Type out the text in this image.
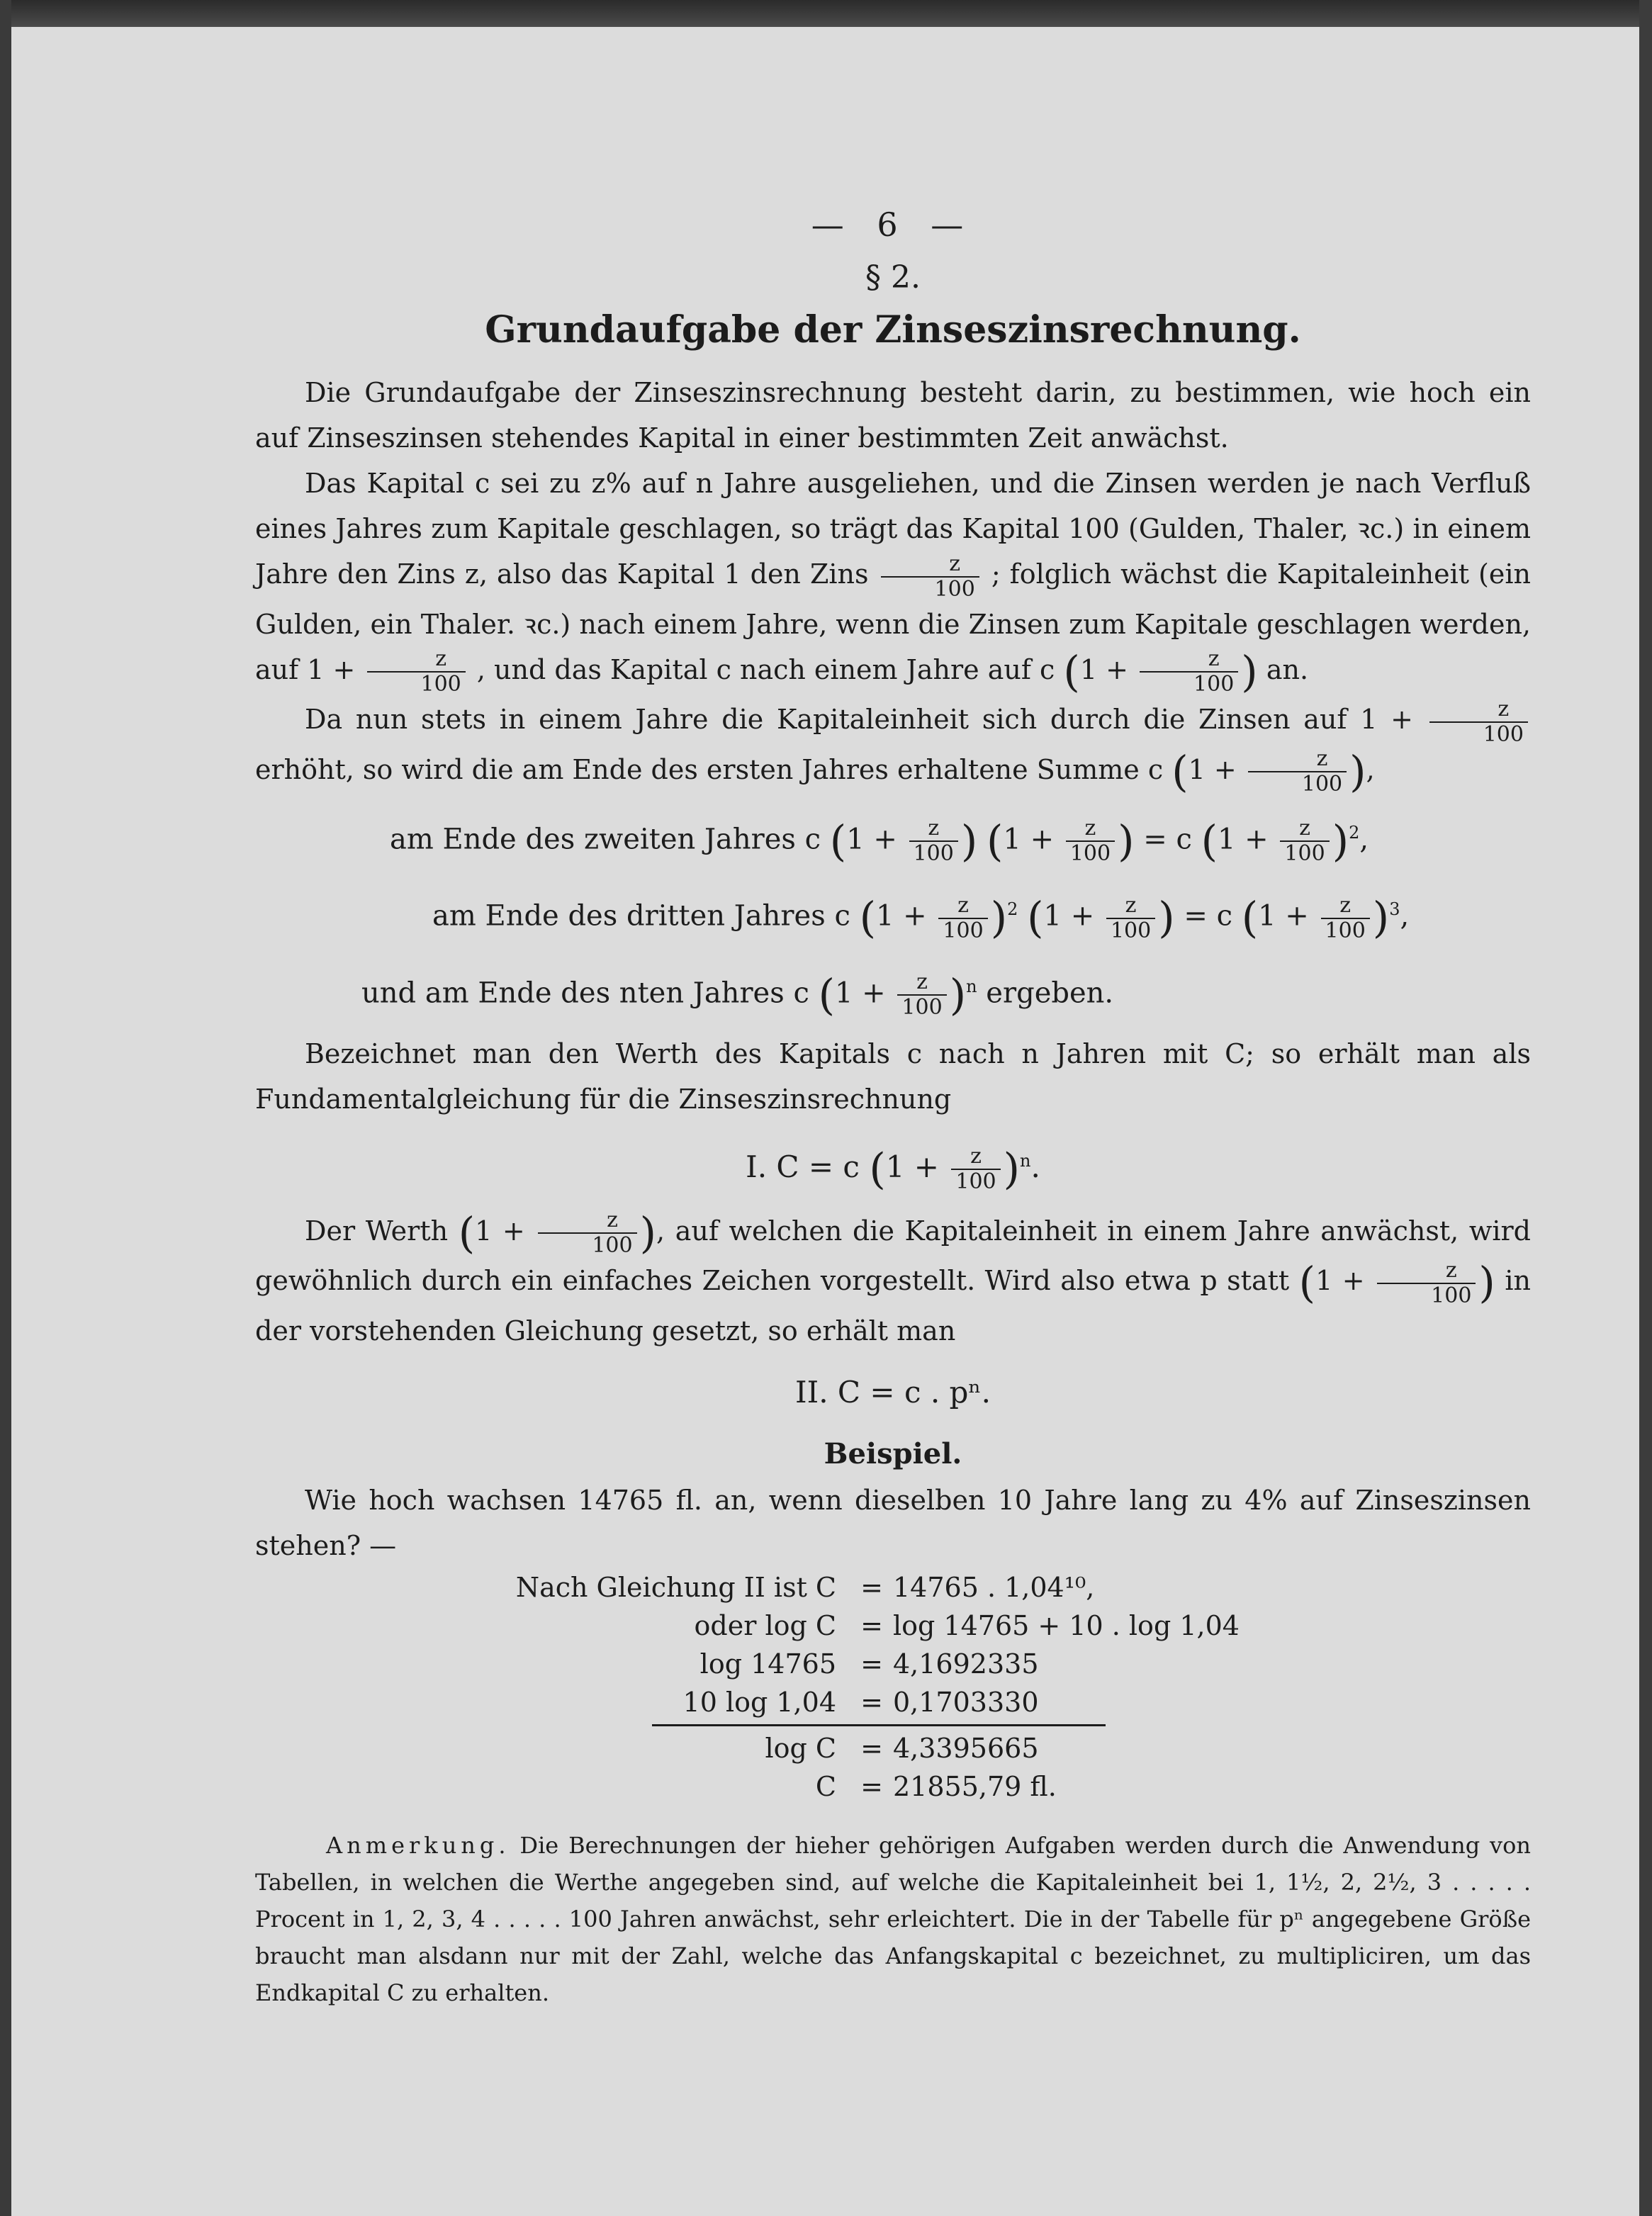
— 6 —
§ 2.
Grundaufgabe der Zinseszinsrechnung.

Die Grundaufgabe der Zinseszinsrechnung besteht darin, zu bestimmen, wie hoch ein auf Zinseszinsen stehendes Kapital in einer bestimmten Zeit anwächst.

Das Kapital c sei zu z% auf n Jahre ausgeliehen, und die Zinsen werden je nach Verfluß eines Jahres zum Kapitale geschlagen, so trägt das Kapital 100 (Gulden, Thaler, ꝛc.) in einem Jahre den Zins z, also das Kapital 1 den Zins $\frac{z}{100}$ ; folglich wächst die Kapitaleinheit (ein Gulden, ein Thaler. ꝛc.) nach einem Jahre, wenn die Zinsen zum Kapitale geschlagen werden, auf $1 + \frac{z}{100}$ , und das Kapital c nach einem Jahre auf c ($1 + \frac{z}{100}$ ) an.

Da nun stets in einem Jahre die Kapitaleinheit sich durch die Zinsen auf $1 + \frac{z}{100}$
erhöht, so wird die am Ende des ersten Jahres erhaltene Summe c ($1 + \frac{z}{100}$ ),

am Ende des zweiten Jahres c ($1 + \frac{z}{100}$ ) ($1 + \frac{z}{100}$ ) = c $(1 + \frac{z}{100} )^2$,
am Ende des dritten Jahres c $(1 + \frac{z}{100} )^2$ ($1 + \frac{z}{100}$ ) = c $(1 + \frac{z}{100} )^3$,
und am Ende des nten Jahres c $(1 + \frac{z}{100} )^n$ ergeben.

Bezeichnet man den Werth des Kapitals c nach n Jahren mit C; so erhält man als Fundamentalgleichung für die Zinseszinsrechnung

I. C = c $(1 + \frac{z}{100} )^n$.

Der Werth ($1 + \frac{z}{100}$ ), auf welchen die Kapitaleinheit in einem Jahre anwächst, wird gewöhnlich durch ein einfaches Zeichen vorgestellt. Wird also etwa p statt ($1 + \frac{z}{100}$ ) in der vorstehenden Gleichung gesetzt, so erhält man

II. C = c . pⁿ.
Beispiel.

Wie hoch wachsen 14765 fl. an, wenn dieselben 10 Jahre lang zu 4% auf Zinseszinsen stehen? —

Nach Gleichung II ist C = 14765 . 1,04¹⁰,
oder log C = log 14765 + 10 . log 1,04
log 14765 = 4,1692335
10 log 1,04 = 0,1703330
log C = 4,3395665
C = 21855,79 fl.

Anmerkung. Die Berechnungen der hieher gehörigen Aufgaben werden durch die Anwendung von Tabellen, in welchen die Werthe angegeben sind, auf welche die Kapitaleinheit bei 1, 1½, 2, 2½, 3 . . . . . Procent in 1, 2, 3, 4 . . . . . 100 Jahren anwächst, sehr erleichtert. Die in der Tabelle für pⁿ angegebene Größe braucht man alsdann nur mit der Zahl, welche das Anfangskapital c bezeichnet, zu multipliciren, um das Endkapital C zu erhalten.
